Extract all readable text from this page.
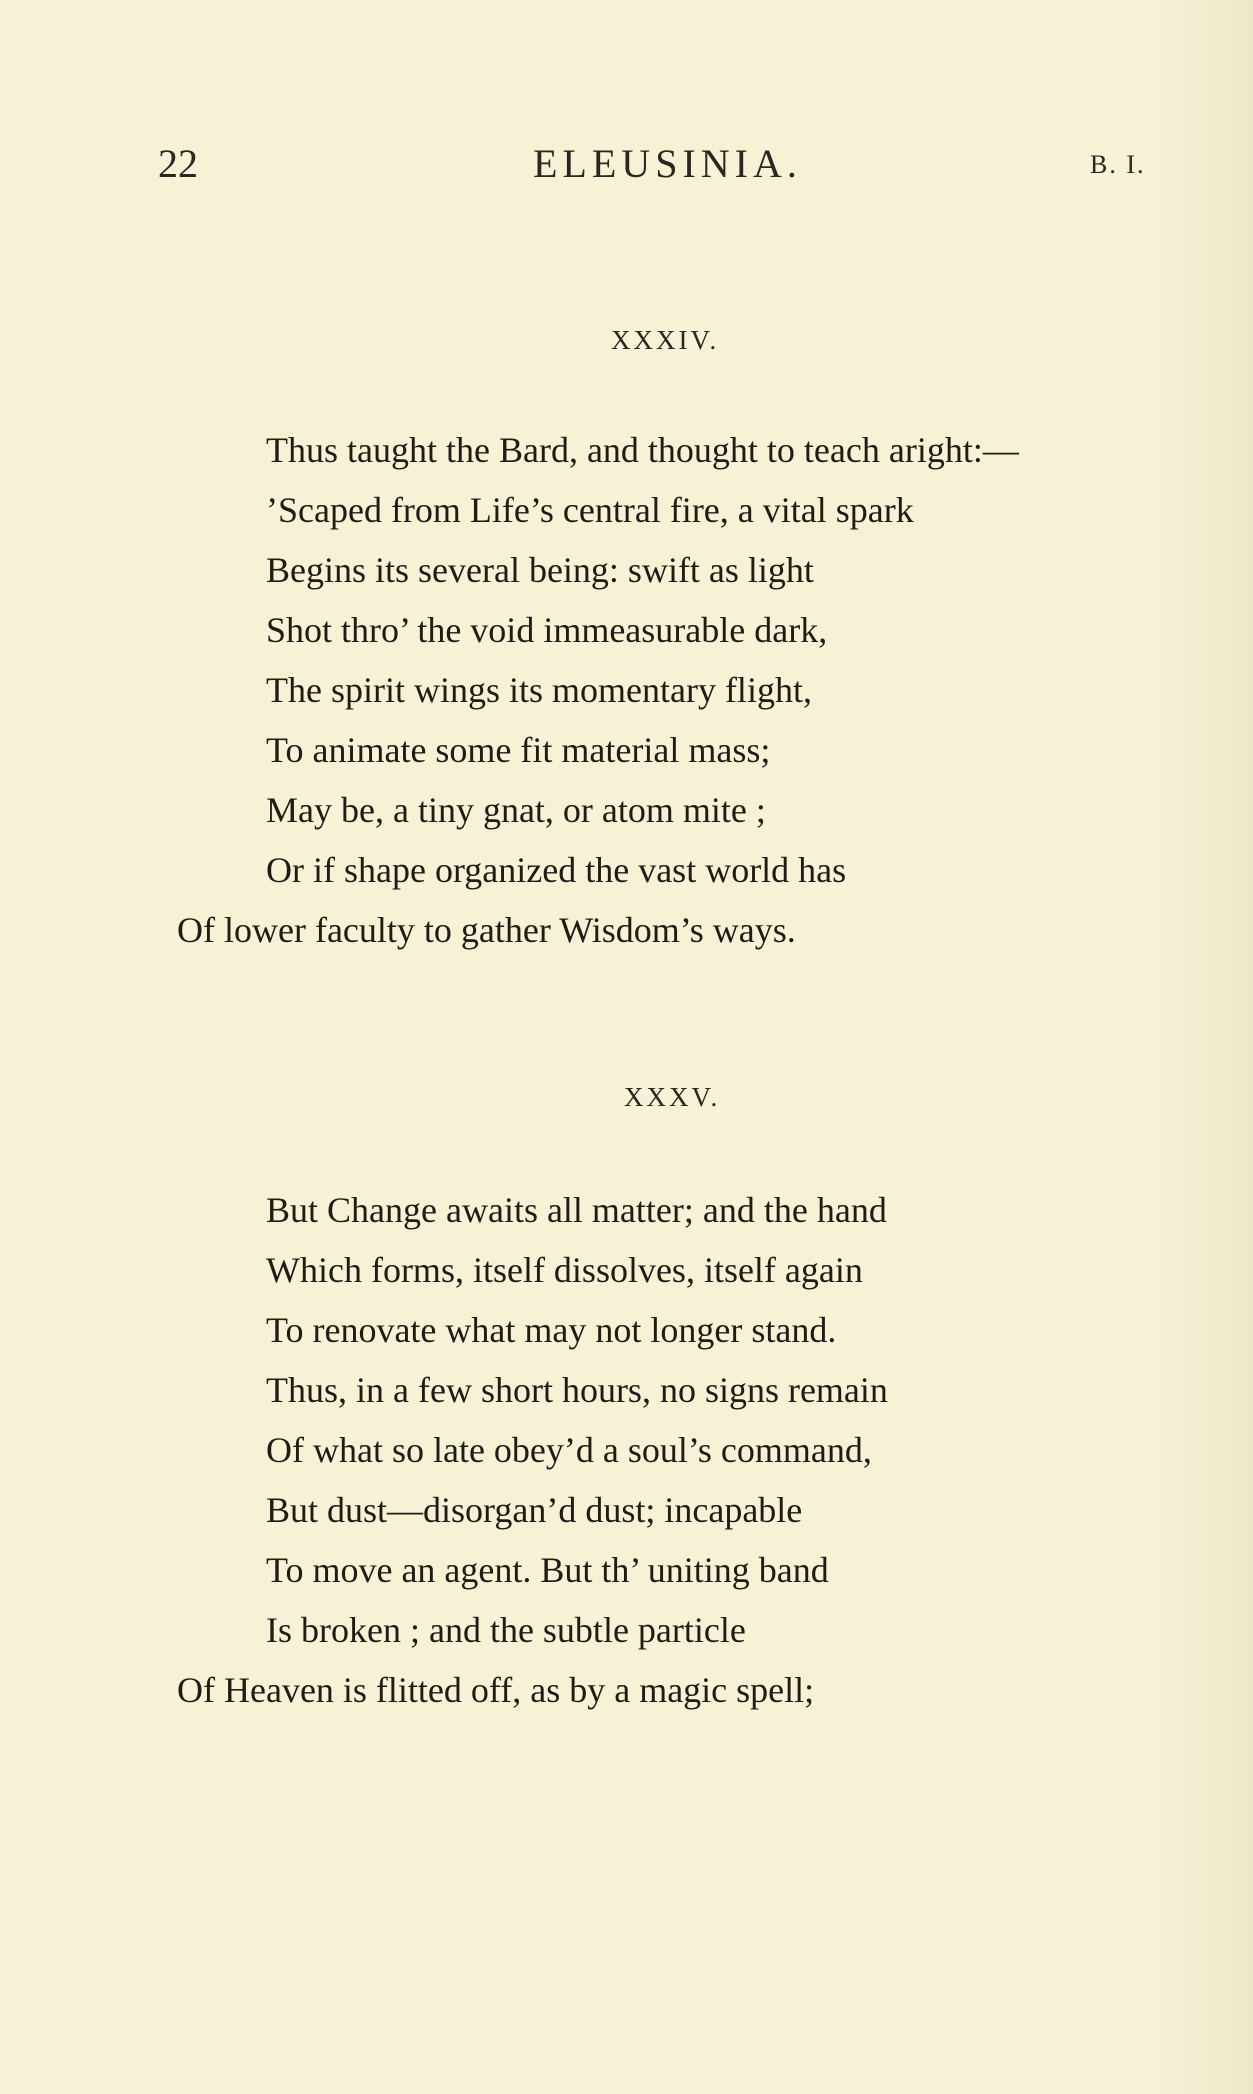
22	ELEUSINIA.	B. I.
XXXIV.
Thus taught the Bard, and thought to teach aright:—
’Scaped from Life’s central fire, a vital spark
Begins its several being: swift as light
Shot thro’ the void immeasurable dark,
The spirit wings its momentary flight,
To animate some fit material mass;
May be, a tiny gnat, or atom mite ;
Or if shape organized the vast world has
Of lower faculty to gather Wisdom’s ways.
XXXV.
But Change awaits all matter; and the hand
Which forms, itself dissolves, itself again
To renovate what may not longer stand.
Thus, in a few short hours, no signs remain
Of what so late obey’d a soul’s command,
But dust—disorgan’d dust; incapable
To move an agent. But th’ uniting band
Is broken ; and the subtle particle
Of Heaven is flitted off, as by a magic spell;
